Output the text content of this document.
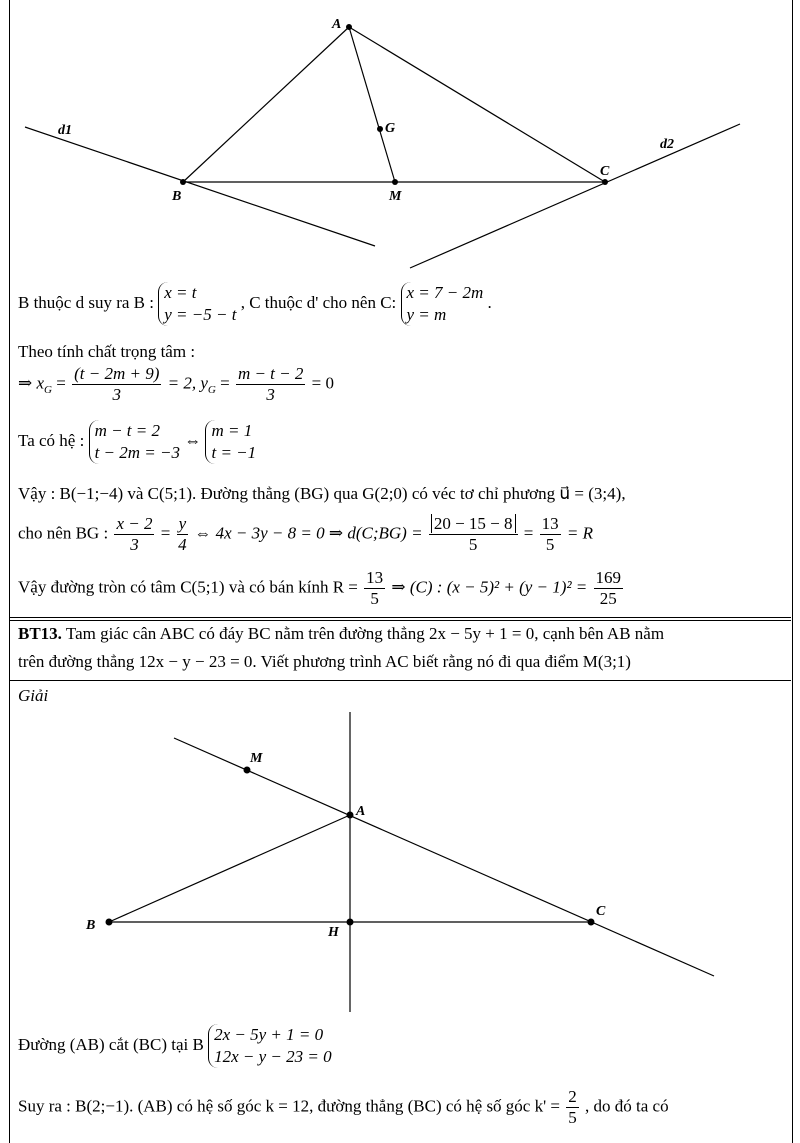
A
G
B	M
C
d1
d2
B thuộc d suy ra B : x = t
y = −5 − t , C thuộc d' cho nên C: x = 7 − 2m
y = m .
Theo tính chất trọng tâm :
⇒ $x_G = \frac{(t - 2m + 9)}{3} = 2$, $y_G = \frac{m - t - 2}{3} = 0$
Ta có hệ : m − t = 2
t − 2m = −3 ⇔ m = 1
t = −1
Vậy : B(−1;−4) và C(5;1). Đường thẳng (BG) qua G(2;0) có véc tơ chỉ phương u⃗ = (3;4),
cho nên BG : $\frac{x - 2}{3} = \frac{y}{4}$ ⇔ 4x − 3y − 8 = 0 ⇒ d(C;BG) = $\frac{20 - 15 - 8}{5} = \frac{13}{5} = R$
Vậy đường tròn có tâm C(5;1) và có bán kính $R = \frac{13}{5}$ ⇒ (C) : $(x - 5)^2 + (y - 1)^2 = \frac{169}{25}$
BT13. Tam giác cân ABC có đáy BC nằm trên đường thẳng 2x − 5y + 1 = 0, cạnh bên AB nằm
trên đường thẳng 12x − y − 23 = 0. Viết phương trình AC biết rằng nó đi qua điểm M(3;1)
Giải
M
A
B	H
C
Đường (AB) cắt (BC) tại B 2x − 5y + 1 = 0
12x − y − 23 = 0
Suy ra : B(2;−1). (AB) có hệ số góc k = 12, đường thẳng (BC) có hệ số góc $k' = \frac{2}{5}$ , do đó ta có
